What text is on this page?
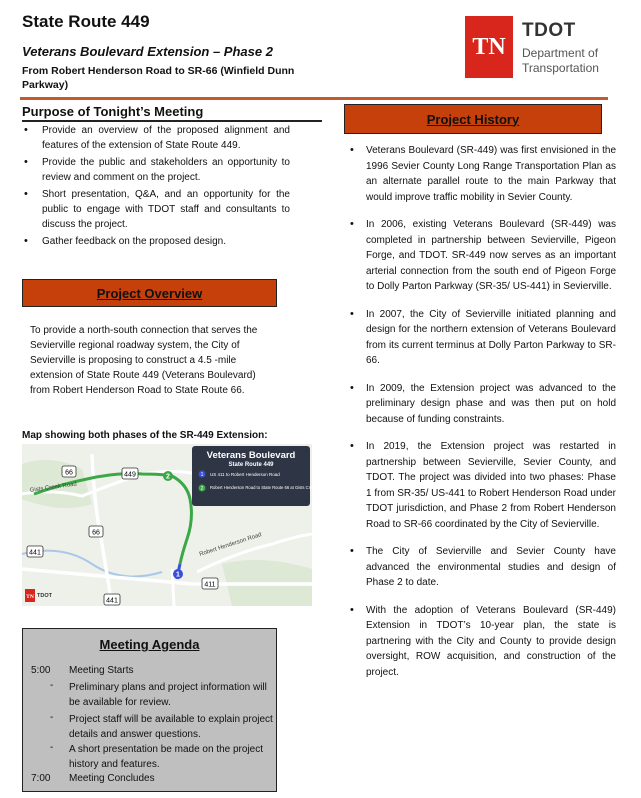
State Route 449
Veterans Boulevard Extension – Phase 2
From Robert Henderson Road to SR-66 (Winfield Dunn Parkway)
TN
TDOT
Department of
Transportation
Purpose of Tonight’s Meeting
• Provide an overview of the proposed alignment and features of the extension of State Route 449.
• Provide the public and stakeholders an opportunity to review and comment on the project.
• Short presentation, Q&A, and an opportunity for the public to engage with TDOT staff and consultants to discuss the project.
• Gather feedback on the proposed design.
Project Overview
To provide a north-south connection that serves the Sevierville regional roadway system, the City of Sevierville is proposing to construct a 4.5 -mile extension of State Route 449 (Veterans Boulevard) from Robert Henderson Road to State Route 66.
Map showing both phases of the SR-449 Extension:
66	449
66
441
411
441
Gists Creek Road
Robert Henderson Road
2
1
Veterans Boulevard
State Route 449
1 US 411 to Robert Henderson Road
2 Robert Henderson Road to State Route 66 at Gists Creek Road
TN TDOT
Meeting Agenda
5:00 Meeting Starts
- Preliminary plans and project information will be available for review.
- Project staff will be available to explain project details and answer questions.
- A short presentation be made on the project history and features.
7:00 Meeting Concludes
Project History
• Veterans Boulevard (SR-449) was first envisioned in the 1996 Sevier County Long Range Transportation Plan as an alternate parallel route to the main Parkway that would improve traffic mobility in Sevier County.
• In 2006, existing Veterans Boulevard (SR-449) was completed in partnership between Sevierville, Pigeon Forge, and TDOT. SR-449 now serves as an important arterial connection from the south end of Pigeon Forge to Dolly Parton Parkway (SR-35/ US-441) in Sevierville.
• In 2007, the City of Sevierville initiated planning and design for the northern extension of Veterans Boulevard from its current terminus at Dolly Parton Parkway to SR-66.
• In 2009, the Extension project was advanced to the preliminary design phase and was then put on hold because of funding constraints.
• In 2019, the Extension project was restarted in partnership between Sevierville, Sevier County, and TDOT. The project was divided into two phases: Phase 1 from SR-35/ US-441 to Robert Henderson Road under TDOT jurisdiction, and Phase 2 from Robert Henderson Road to SR-66 coordinated by the City of Sevierville.
• The City of Sevierville and Sevier County have advanced the environmental studies and design of Phase 2 to date.
• With the adoption of Veterans Boulevard (SR-449) Extension in TDOT’s 10-year plan, the state is partnering with the City and County to provide design oversight, ROW acquisition, and construction of the project.
